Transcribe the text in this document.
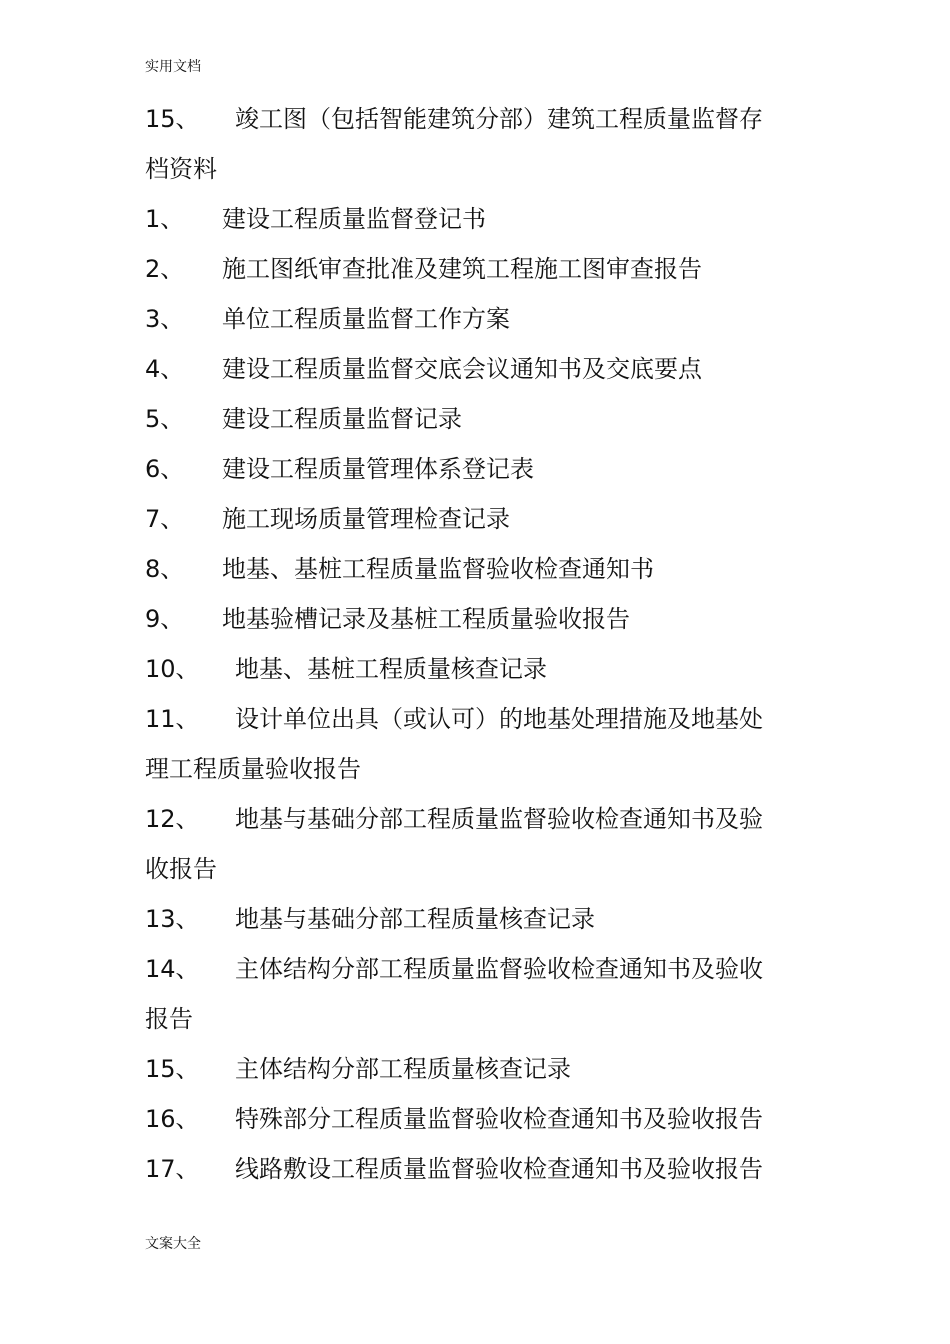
实用文档
15、 竣工图（包括智能建筑分部）建筑工程质量监督存
档资料
1、 建设工程质量监督登记书
2、 施工图纸审查批准及建筑工程施工图审查报告
3、 单位工程质量监督工作方案
4、 建设工程质量监督交底会议通知书及交底要点
5、 建设工程质量监督记录
6、 建设工程质量管理体系登记表
7、 施工现场质量管理检查记录
8、 地基、基桩工程质量监督验收检查通知书
9、 地基验槽记录及基桩工程质量验收报告
10、 地基、基桩工程质量核查记录
11、 设计单位出具（或认可）的地基处理措施及地基处
理工程质量验收报告
12、 地基与基础分部工程质量监督验收检查通知书及验
收报告
13、 地基与基础分部工程质量核查记录
14、 主体结构分部工程质量监督验收检查通知书及验收
报告
15、 主体结构分部工程质量核查记录
16、 特殊部分工程质量监督验收检查通知书及验收报告
17、 线路敷设工程质量监督验收检查通知书及验收报告
文案大全
